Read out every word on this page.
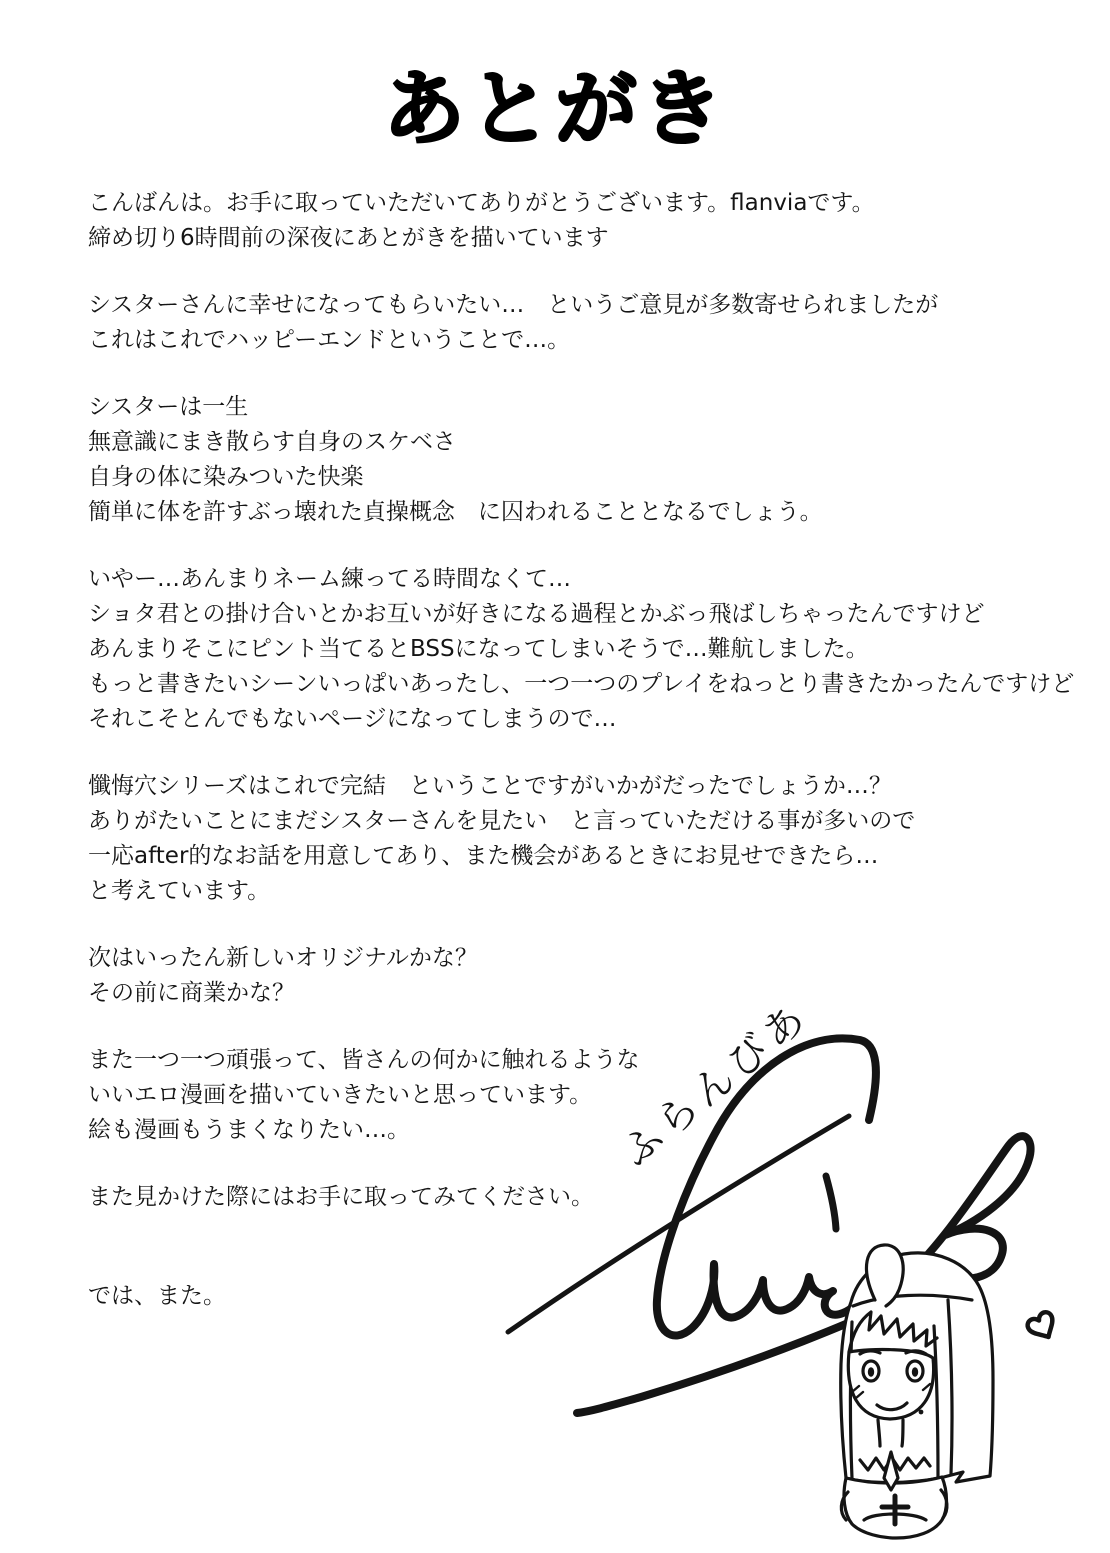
あとがき

こんばんは。お手に取っていただいてありがとうございます。flanviaです。
締め切り6時間前の深夜にあとがきを描いています

シスターさんに幸せになってもらいたい…　というご意見が多数寄せられましたが
これはこれでハッピーエンドということで…。

シスターは一生
無意識にまき散らす自身のスケベさ
自身の体に染みついた快楽
簡単に体を許すぶっ壊れた貞操概念　に囚われることとなるでしょう。

いやー…あんまりネーム練ってる時間なくて…
ショタ君との掛け合いとかお互いが好きになる過程とかぶっ飛ばしちゃったんですけど
あんまりそこにピント当てるとBSSになってしまいそうで…難航しました。
もっと書きたいシーンいっぱいあったし、一つ一つのプレイをねっとり書きたかったんですけど
それこそとんでもないページになってしまうので…

懺悔穴シリーズはこれで完結　ということですがいかがだったでしょうか…？
ありがたいことにまだシスターさんを見たい　と言っていただける事が多いので
一応after的なお話を用意してあり、また機会があるときにお見せできたら…
と考えています。

次はいったん新しいオリジナルかな？
その前に商業かな？

また一つ一つ頑張って、皆さんの何かに触れるような
いいエロ漫画を描いていきたいと思っています。
絵も漫画もうまくなりたい…。

また見かけた際にはお手に取ってみてください。

では、また。

ふらんびあ
